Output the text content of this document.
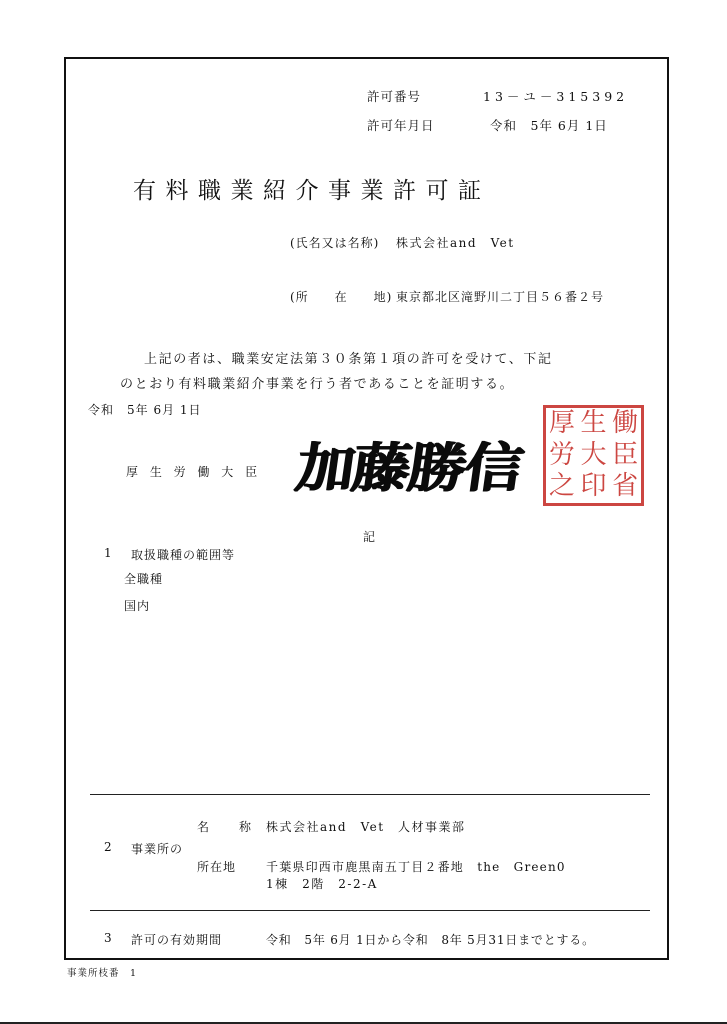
許可番号	13－ユ－315392
許可年月日	令和　5年 6月 1日
有料職業紹介事業許可証
(氏名又は名称) 株式会社and　Vet
(所　　在　　地) 東京都北区滝野川二丁目５６番２号
上記の者は、職業安定法第３０条第１項の許可を受けて、下記
のとおり有料職業紹介事業を行う者であることを証明する。
令和　5年 6月 1日
厚 生 労 働 大 臣 加藤勝信
厚 生 働
労 大 臣
之 印 省
記
1 取扱職種の範囲等
全職種
国内
名　　称 株式会社and　Vet　人材事業部
2 事業所の
所在地 千葉県印西市鹿黒南五丁目２番地　the　Green0
1棟　2階　2-2-A
3 許可の有効期間	令和　5年 6月 1日から令和　8年 5月31日までとする。
事業所枝番　1
